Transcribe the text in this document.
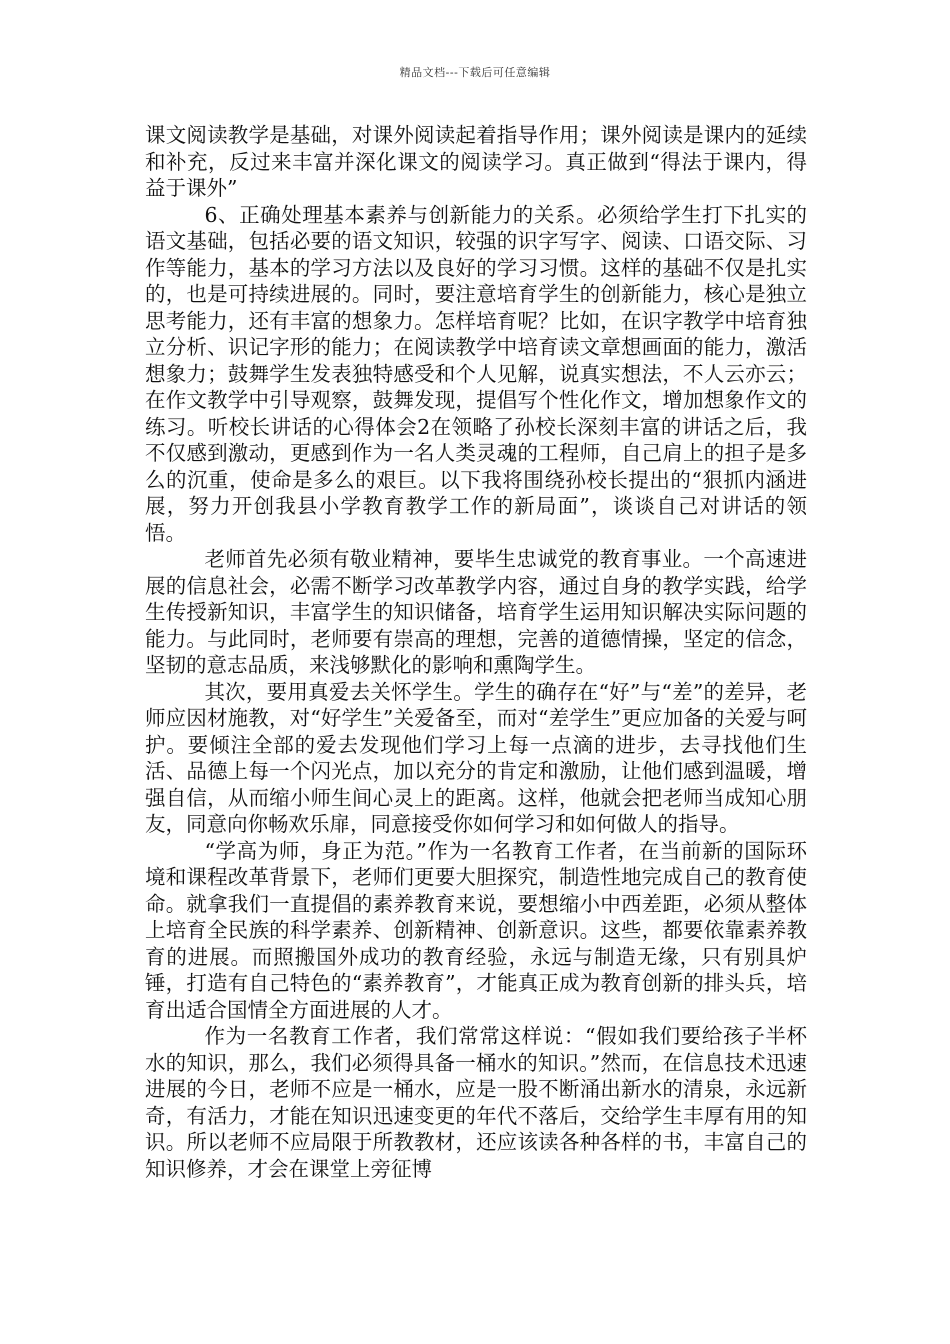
精品文档---下载后可任意编辑

课文阅读教学是基础，对课外阅读起着指导作用；课外阅读是课内的延续和补充，反过来丰富并深化课文的阅读学习。真正做到“得法于课内，得益于课外”

6、正确处理基本素养与创新能力的关系。必须给学生打下扎实的语文基础，包括必要的语文知识，较强的识字写字、阅读、口语交际、习作等能力，基本的学习方法以及良好的学习习惯。这样的基础不仅是扎实的，也是可持续进展的。同时，要注意培育学生的创新能力，核心是独立思考能力，还有丰富的想象力。怎样培育呢？比如，在识字教学中培育独立分析、识记字形的能力；在阅读教学中培育读文章想画面的能力，激活想象力；鼓舞学生发表独特感受和个人见解，说真实想法，不人云亦云；在作文教学中引导观察，鼓舞发现，提倡写个性化作文，增加想象作文的练习。听校长讲话的心得体会2在领略了孙校长深刻丰富的讲话之后，我不仅感到激动，更感到作为一名人类灵魂的工程师，自己肩上的担子是多么的沉重，使命是多么的艰巨。以下我将围绕孙校长提出的“狠抓内涵进展，努力开创我县小学教育教学工作的新局面”，谈谈自己对讲话的领悟。

老师首先必须有敬业精神，要毕生忠诚党的教育事业。一个高速进展的信息社会，必需不断学习改革教学内容，通过自身的教学实践，给学生传授新知识，丰富学生的知识储备，培育学生运用知识解决实际问题的能力。与此同时，老师要有崇高的理想，完善的道德情操，坚定的信念，坚韧的意志品质，来浅够默化的影响和熏陶学生。

其次，要用真爱去关怀学生。学生的确存在“好”与“差”的差异，老师应因材施教，对“好学生”关爱备至，而对“差学生”更应加备的关爱与呵护。要倾注全部的爱去发现他们学习上每一点滴的进步，去寻找他们生活、品德上每一个闪光点，加以充分的肯定和激励，让他们感到温暖，增强自信，从而缩小师生间心灵上的距离。这样，他就会把老师当成知心朋友，同意向你畅欢乐扉，同意接受你如何学习和如何做人的指导。

“学高为师，身正为范。”作为一名教育工作者，在当前新的国际环境和课程改革背景下，老师们更要大胆探究，制造性地完成自己的教育使命。就拿我们一直提倡的素养教育来说，要想缩小中西差距，必须从整体上培育全民族的科学素养、创新精神、创新意识。这些，都要依靠素养教育的进展。而照搬国外成功的教育经验，永远与制造无缘，只有别具炉锤，打造有自己特色的“素养教育”，才能真正成为教育创新的排头兵，培育出适合国情全方面进展的人才。

作为一名教育工作者，我们常常这样说：“假如我们要给孩子半杯水的知识，那么，我们必须得具备一桶水的知识。”然而，在信息技术迅速进展的今日，老师不应是一桶水，应是一股不断涌出新水的清泉，永远新奇，有活力，才能在知识迅速变更的年代不落后，交给学生丰厚有用的知识。所以老师不应局限于所教教材，还应该读各种各样的书，丰富自己的知识修养，才会在课堂上旁征博
